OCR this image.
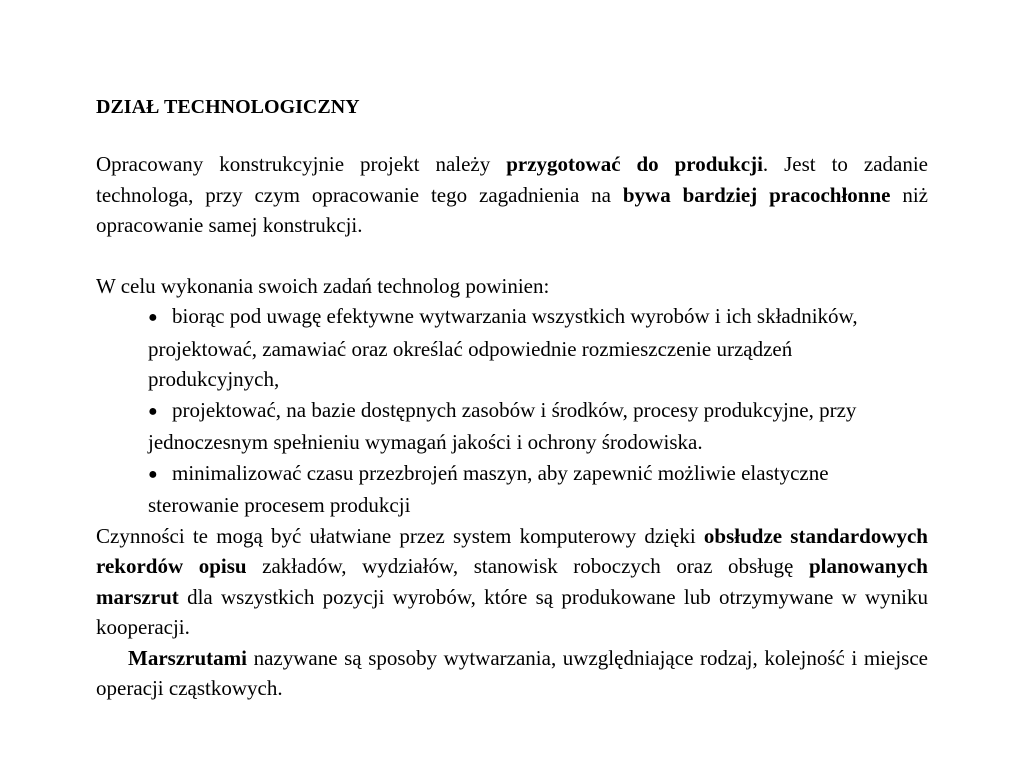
DZIAŁ TECHNOLOGICZNY

Opracowany konstrukcyjnie projekt należy przygotować do produkcji. Jest to zadanie technologa, przy czym opracowanie tego zagadnienia na bywa bardziej pracochłonne niż opracowanie samej konstrukcji.

W celu wykonania swoich zadań technolog powinien:

● biorąc pod uwagę efektywne wytwarzania wszystkich wyrobów i ich składników, projektować, zamawiać oraz określać odpowiednie rozmieszczenie urządzeń produkcyjnych,
● projektować, na bazie dostępnych zasobów i środków, procesy produkcyjne, przy jednoczesnym spełnieniu wymagań jakości i ochrony środowiska.
● minimalizować czasu przezbrojeń maszyn, aby zapewnić możliwie elastyczne sterowanie procesem produkcji

Czynności te mogą być ułatwiane przez system komputerowy dzięki obsłudze standardowych rekordów opisu zakładów, wydziałów, stanowisk roboczych oraz obsługę planowanych marszrut dla wszystkich pozycji wyrobów, które są produkowane lub otrzymywane w wyniku kooperacji.

Marszrutami nazywane są sposoby wytwarzania, uwzględniające rodzaj, kolejność i miejsce operacji cząstkowych.
